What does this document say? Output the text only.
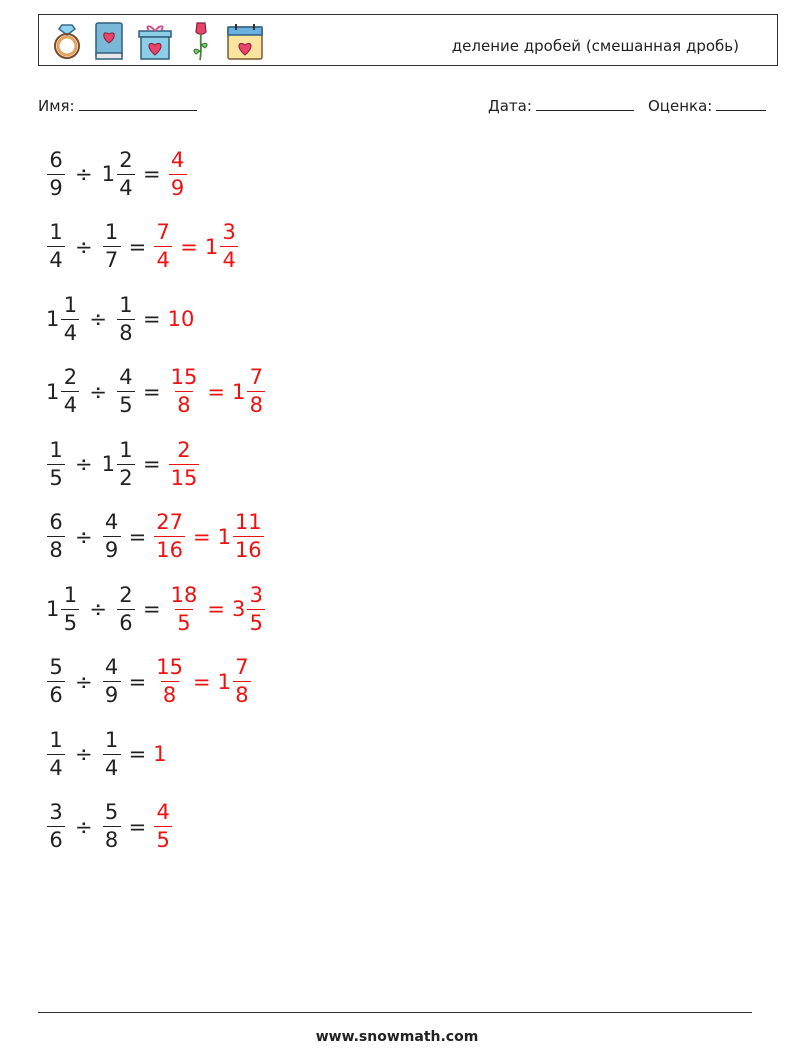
деление дробей (смешанная дробь)
Имя:	Дата:	Оценка:
$\frac{6}{9} \div 1 \frac{2}{4} = \frac{4}{9}$
$\frac{1}{4} \div \frac{1}{7} = \frac{7}{4} = 1 \frac{3}{4}$
$1 \frac{1}{4} \div \frac{1}{8} = 10$
$1 \frac{2}{4} \div \frac{4}{5} = \frac{15}{8} = 1 \frac{7}{8}$
$\frac{1}{5} \div 1 \frac{1}{2} = \frac{2}{15}$
$\frac{6}{8} \div \frac{4}{9} = \frac{27}{16} = 1 \frac{11}{16}$
$1 \frac{1}{5} \div \frac{2}{6} = \frac{18}{5} = 3 \frac{3}{5}$
$\frac{5}{6} \div \frac{4}{9} = \frac{15}{8} = 1 \frac{7}{8}$
$\frac{1}{4} \div \frac{1}{4} = 1$
$\frac{3}{6} \div \frac{5}{8} = \frac{4}{5}$
www.snowmath.com
